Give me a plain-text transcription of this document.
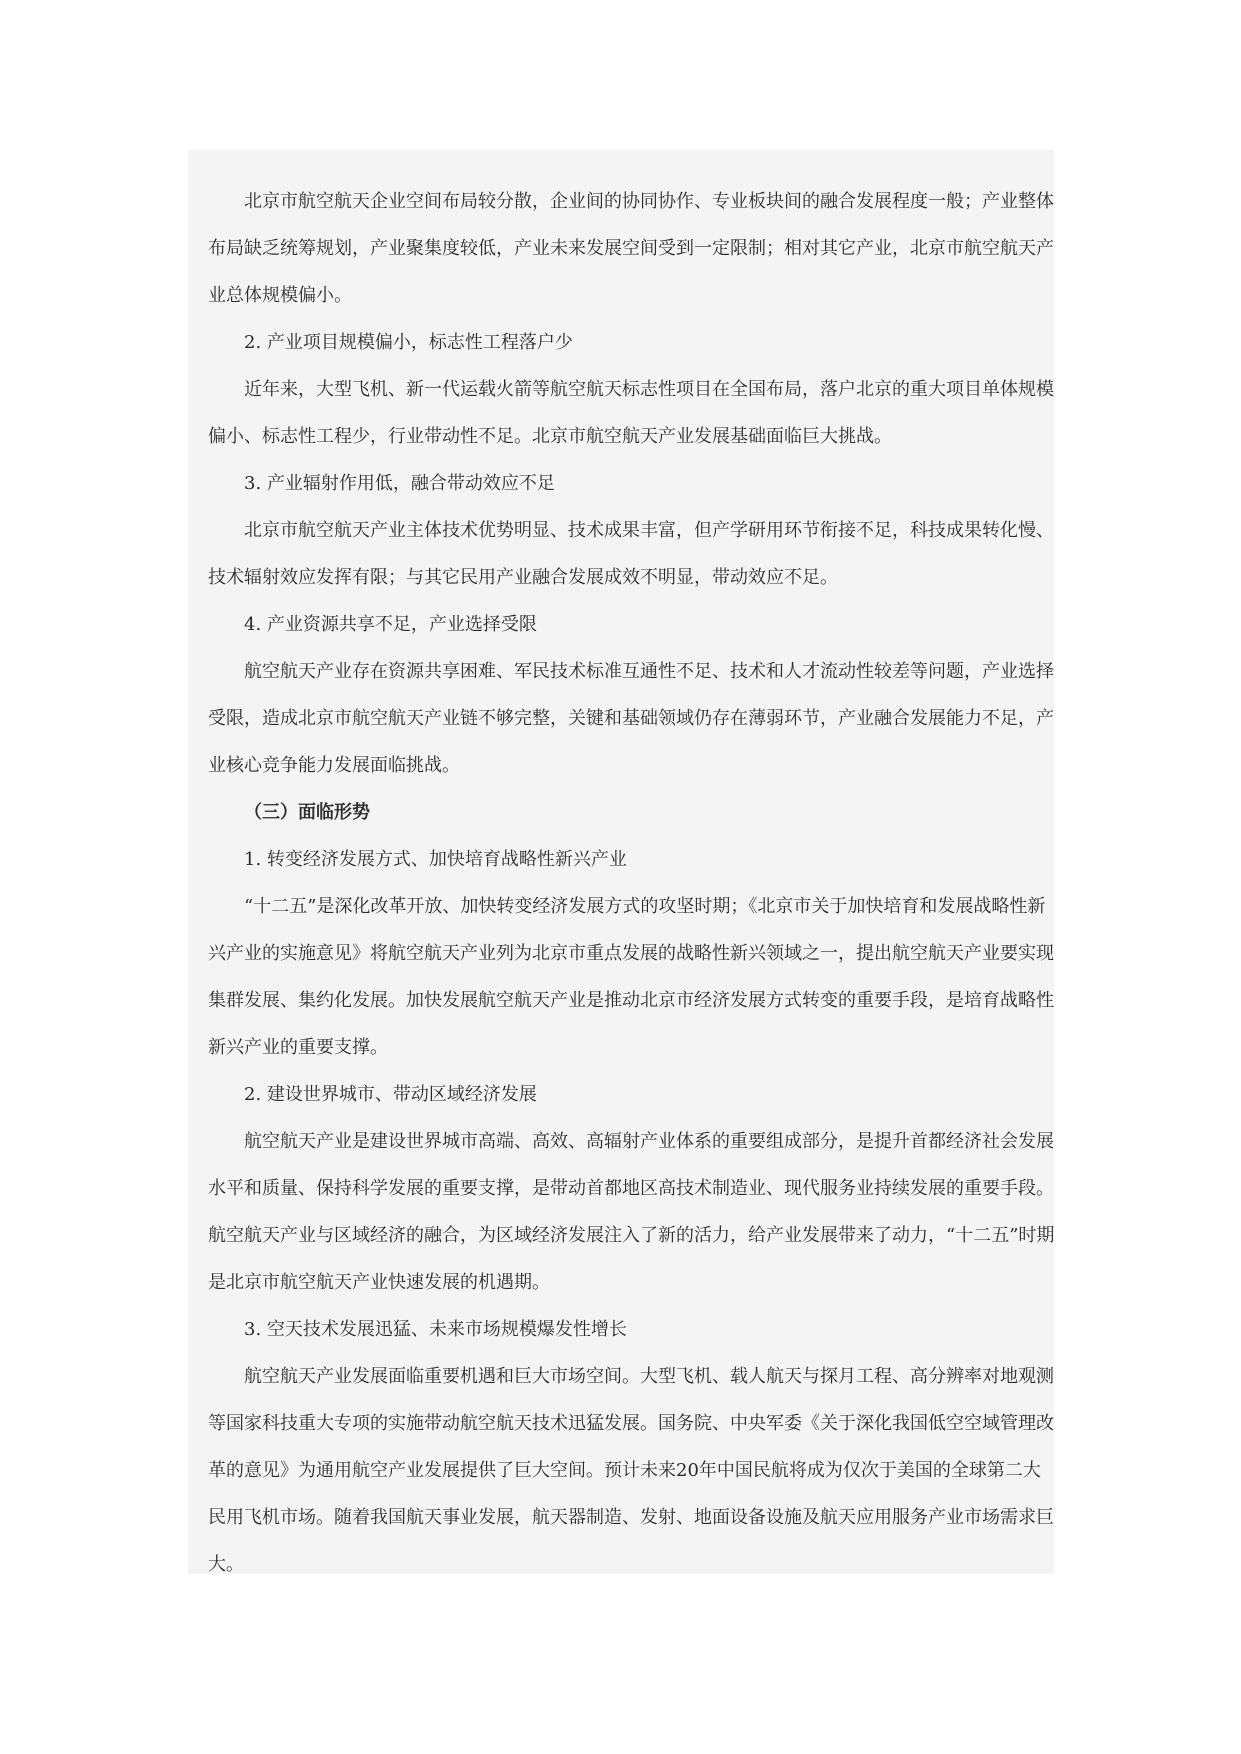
北京市航空航天企业空间布局较分散，企业间的协同协作、专业板块间的融合发展程度一般；产业整体布局缺乏统筹规划，产业聚集度较低，产业未来发展空间受到一定限制；相对其它产业，北京市航空航天产业总体规模偏小。

2. 产业项目规模偏小，标志性工程落户少

近年来，大型飞机、新一代运载火箭等航空航天标志性项目在全国布局，落户北京的重大项目单体规模偏小、标志性工程少，行业带动性不足。北京市航空航天产业发展基础面临巨大挑战。

3. 产业辐射作用低，融合带动效应不足

北京市航空航天产业主体技术优势明显、技术成果丰富，但产学研用环节衔接不足，科技成果转化慢、技术辐射效应发挥有限；与其它民用产业融合发展成效不明显，带动效应不足。

4. 产业资源共享不足，产业选择受限

航空航天产业存在资源共享困难、军民技术标准互通性不足、技术和人才流动性较差等问题，产业选择受限，造成北京市航空航天产业链不够完整，关键和基础领域仍存在薄弱环节，产业融合发展能力不足，产业核心竞争能力发展面临挑战。

（三）面临形势

1. 转变经济发展方式、加快培育战略性新兴产业

“十二五”是深化改革开放、加快转变经济发展方式的攻坚时期；《北京市关于加快培育和发展战略性新兴产业的实施意见》将航空航天产业列为北京市重点发展的战略性新兴领域之一，提出航空航天产业要实现集群发展、集约化发展。加快发展航空航天产业是推动北京市经济发展方式转变的重要手段，是培育战略性新兴产业的重要支撑。

2. 建设世界城市、带动区域经济发展

航空航天产业是建设世界城市高端、高效、高辐射产业体系的重要组成部分，是提升首都经济社会发展水平和质量、保持科学发展的重要支撑，是带动首都地区高技术制造业、现代服务业持续发展的重要手段。航空航天产业与区域经济的融合，为区域经济发展注入了新的活力，给产业发展带来了动力，“十二五”时期是北京市航空航天产业快速发展的机遇期。

3. 空天技术发展迅猛、未来市场规模爆发性增长

航空航天产业发展面临重要机遇和巨大市场空间。大型飞机、载人航天与探月工程、高分辨率对地观测等国家科技重大专项的实施带动航空航天技术迅猛发展。国务院、中央军委《关于深化我国低空空域管理改革的意见》为通用航空产业发展提供了巨大空间。预计未来20年中国民航将成为仅次于美国的全球第二大民用飞机市场。随着我国航天事业发展，航天器制造、发射、地面设备设施及航天应用服务产业市场需求巨大。
